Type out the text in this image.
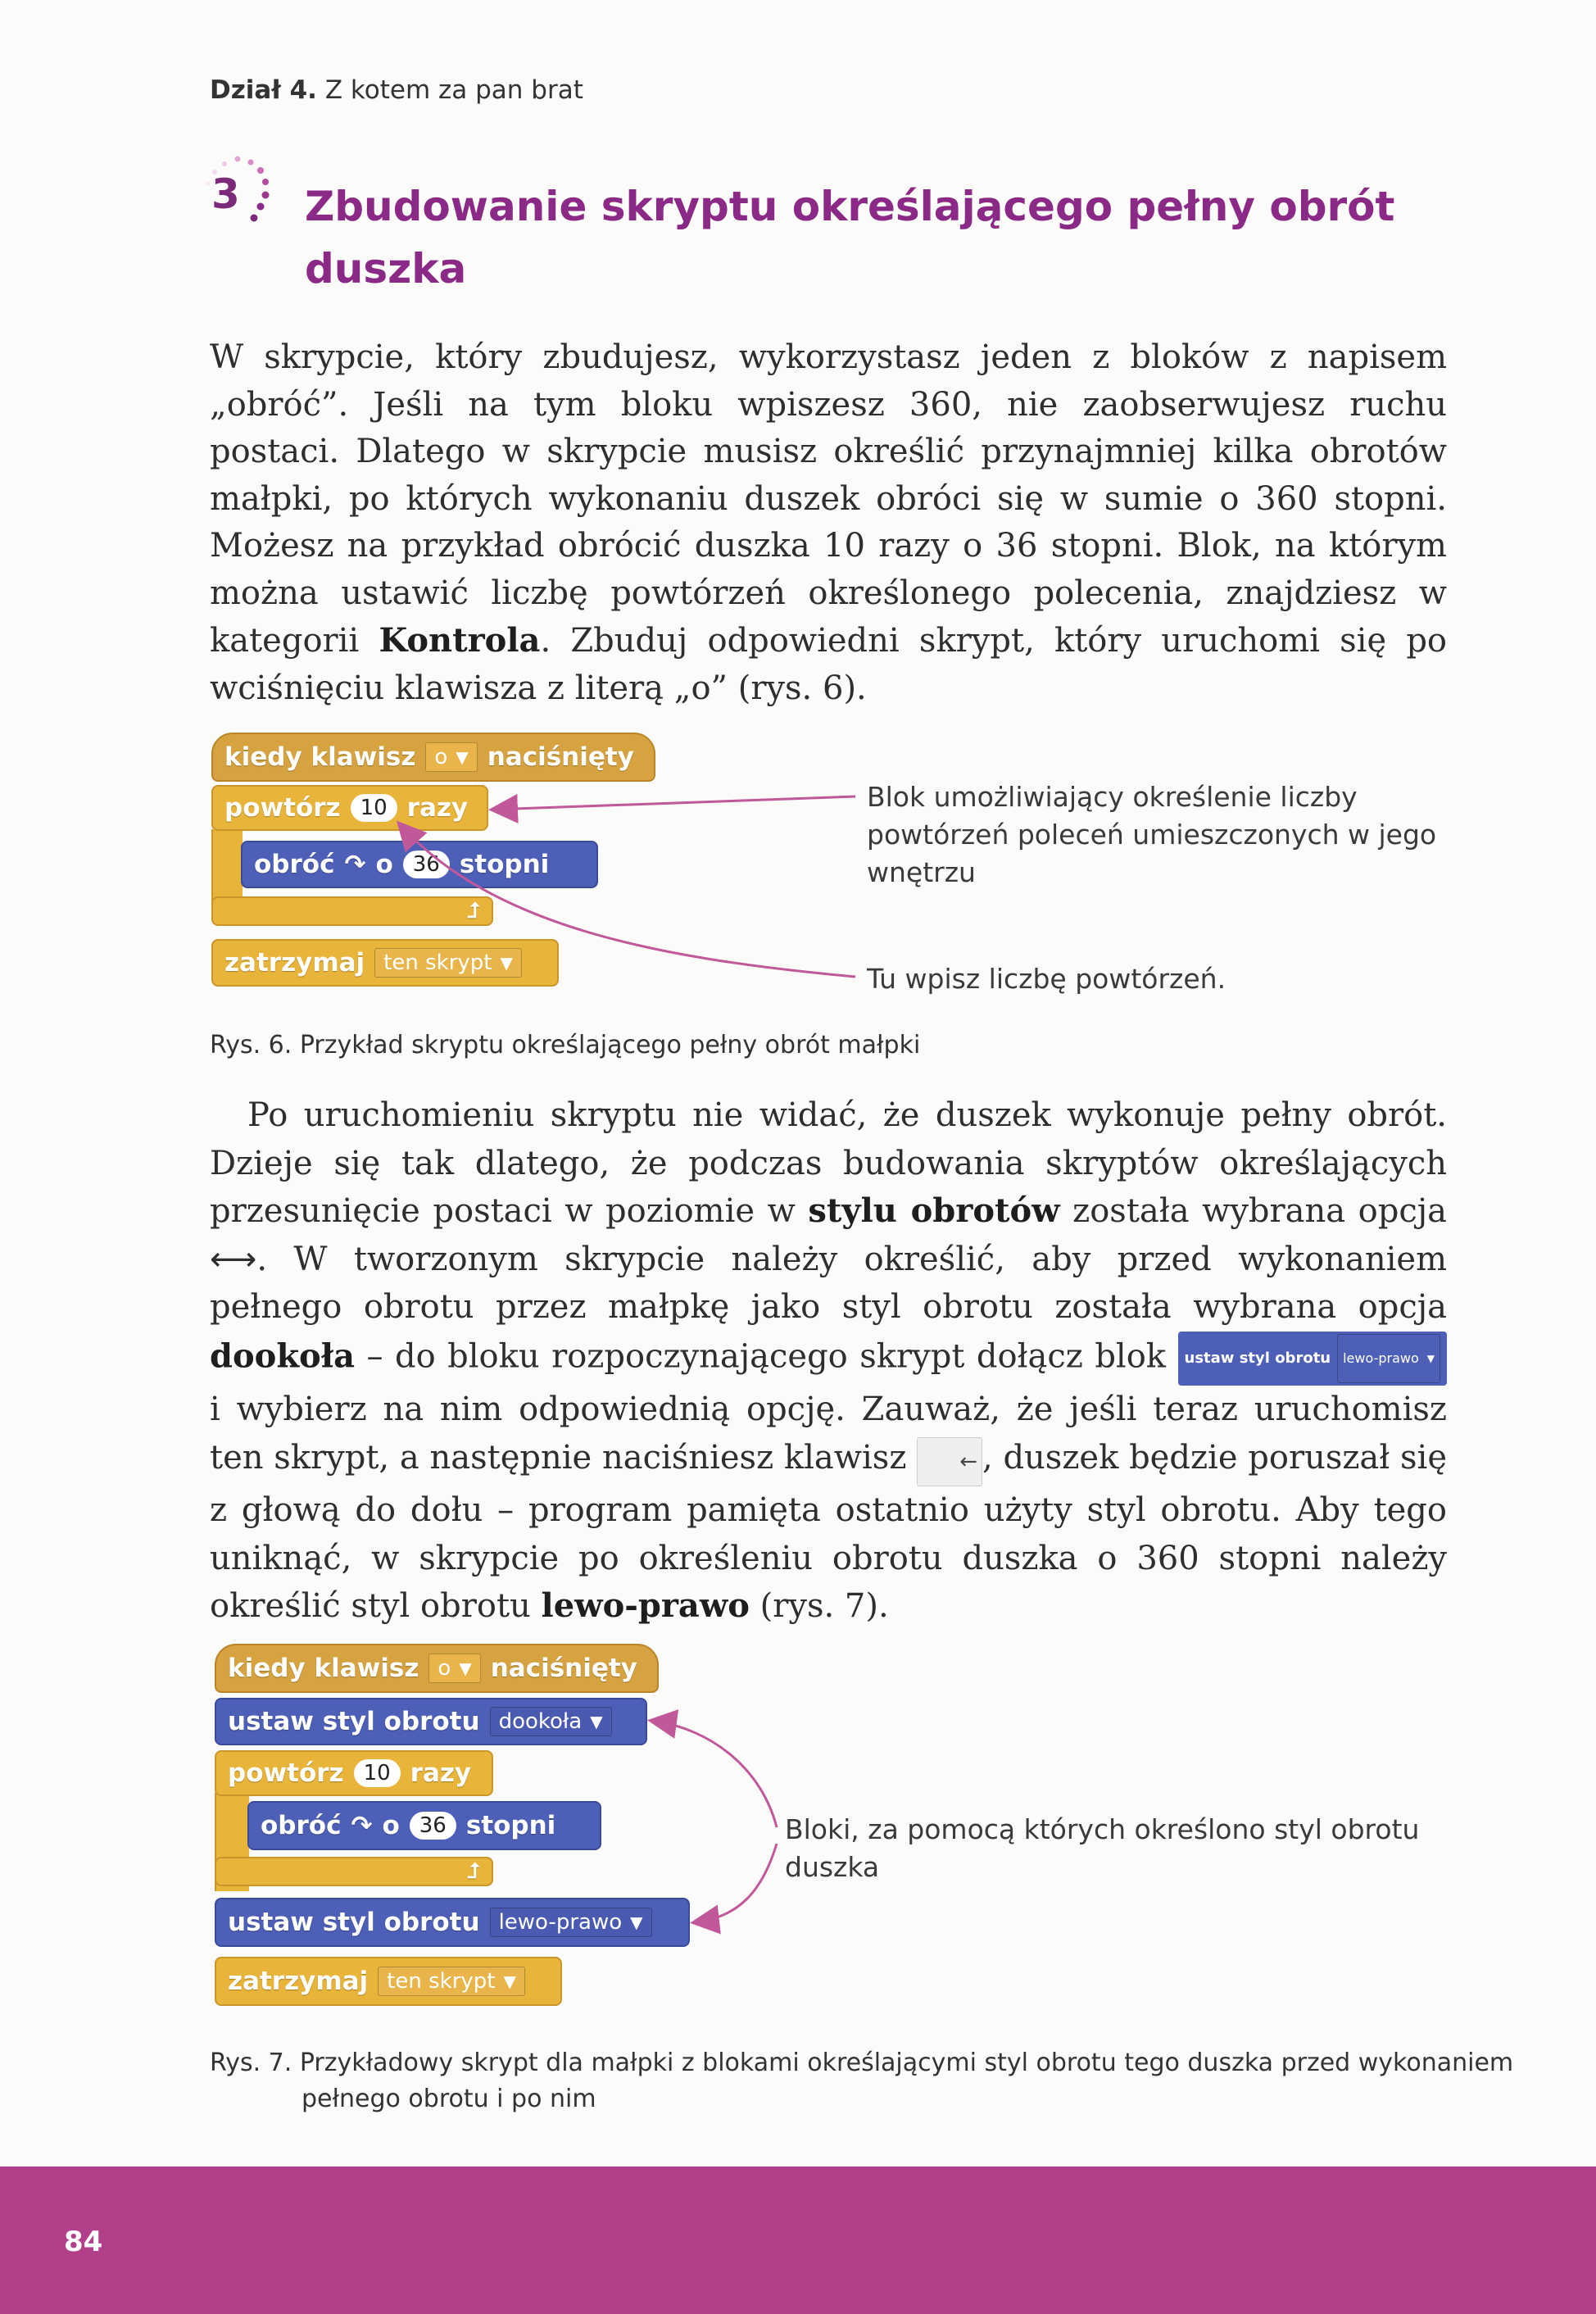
Dział 4. Z kotem za pan brat
3	Zbudowanie skryptu określającego pełny obrót duszka
W skrypcie, który zbudujesz, wykorzystasz jeden z bloków z napisem „obróć”. Jeśli na tym bloku wpiszesz 360, nie zaobserwujesz ruchu postaci. Dlatego w skrypcie musisz określić przynajmniej kilka obrotów małpki, po których wykonaniu duszek obróci się w sumie o 360 stopni. Możesz na przykład obrócić duszka 10 razy o 36 stopni. Blok, na którym można ustawić liczbę powtórzeń określonego polecenia, znajdziesz w kategorii Kontrola. Zbuduj odpowiedni skrypt, który uruchomi się po wciśnięciu klawisza z literą „o” (rys. 6).
kiedy klawisz o ▼ naciśnięty
powtórz 10 razy
obróć ↷ o 36 stopni
⮥
zatrzymaj ten skrypt ▼
Blok umożliwiający określenie liczby powtórzeń poleceń umieszczonych w jego wnętrzu
Tu wpisz liczbę powtórzeń.
Rys. 6. Przykład skryptu określającego pełny obrót małpki
Po uruchomieniu skryptu nie widać, że duszek wykonuje pełny obrót. Dzieje się tak dlatego, że podczas budowania skryptów określających przesunięcie postaci w poziomie w stylu obrotów została wybrana opcja ⟷. W tworzonym skrypcie należy określić, aby przed wykonaniem pełnego obrotu przez małpkę jako styl obrotu została wybrana opcja dookoła – do bloku rozpoczynającego skrypt dołącz blok ustaw styl obrotu lewo-prawo ▼
i wybierz na nim odpowiednią opcję. Zauważ, że jeśli teraz uruchomisz ten skrypt, a następnie naciśniesz klawisz ← , duszek będzie poruszał się z głową do dołu – program pamięta ostatnio użyty styl obrotu. Aby tego uniknąć, w skrypcie po określeniu obrotu duszka o 360 stopni należy określić styl obrotu lewo-prawo (rys. 7).
kiedy klawisz o ▼ naciśnięty
ustaw styl obrotu dookoła ▼
powtórz 10 razy
obróć ↷ o 36 stopni
⮥
ustaw styl obrotu lewo-prawo ▼
zatrzymaj ten skrypt ▼
Bloki, za pomocą których określono styl obrotu duszka
Rys. 7. Przykładowy skrypt dla małpki z blokami określającymi styl obrotu tego duszka przed wykonaniem pełnego obrotu i po nim
84
